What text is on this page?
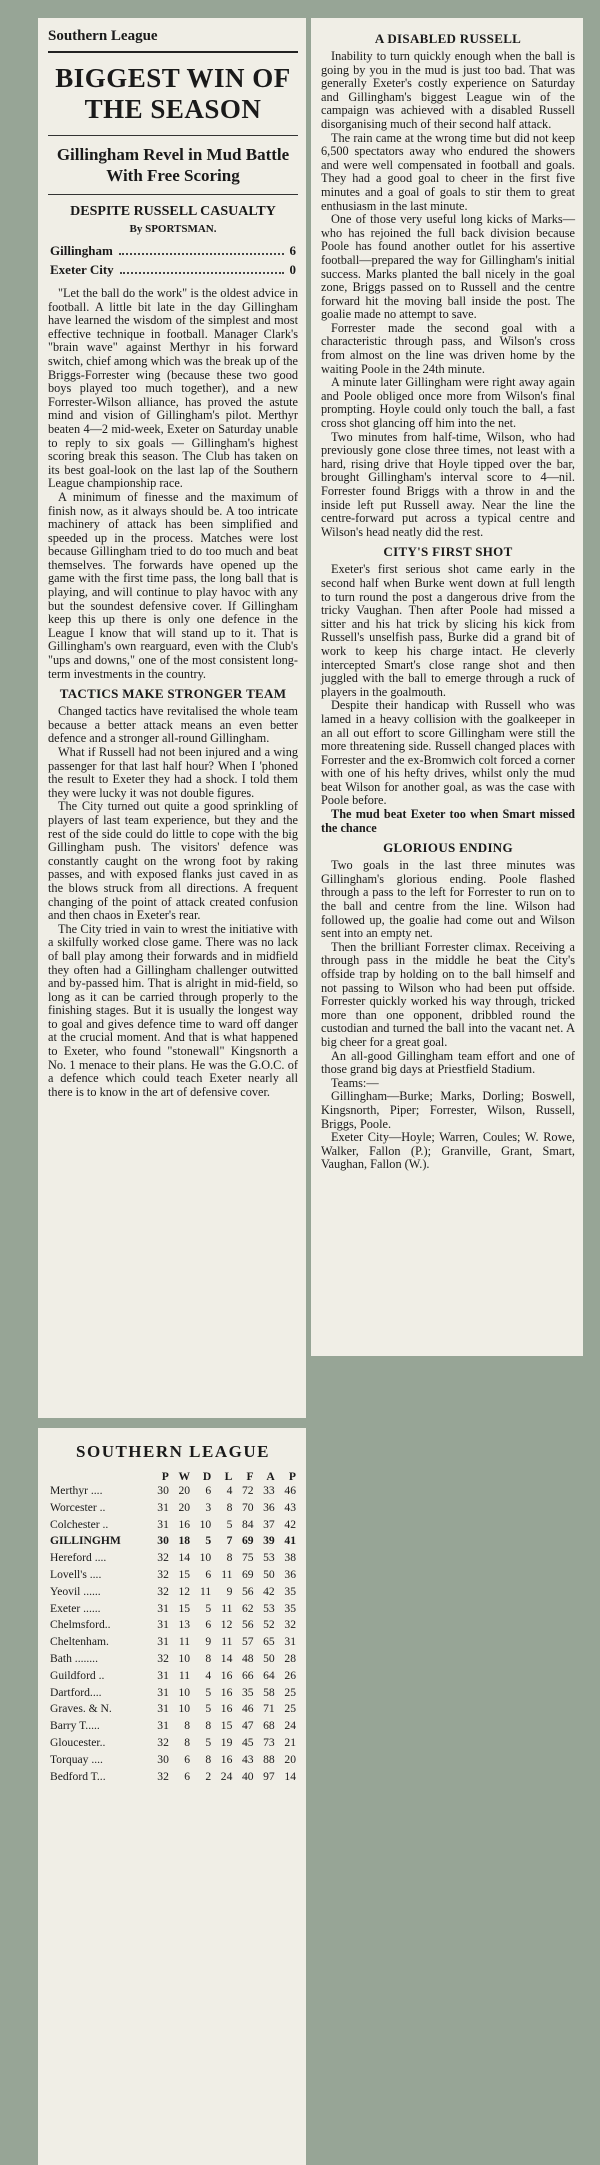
Southern League
BIGGEST WIN OF THE SEASON
Gillingham Revel in Mud Battle With Free Scoring
DESPITE RUSSELL CASUALTY
By SPORTSMAN.
Gillingham	6
Exeter City	0

"Let the ball do the work" is the oldest advice in football. A little bit late in the day Gillingham have learned the wisdom of the simplest and most effective technique in football. Manager Clark's "brain wave" against Merthyr in his forward switch, chief among which was the break up of the Briggs-Forrester wing (because these two good boys played too much together), and a new Forrester-Wilson alliance, has proved the astute mind and vision of Gillingham's pilot. Merthyr beaten 4—2 mid-week, Exeter on Saturday unable to reply to six goals — Gillingham's highest scoring break this season. The Club has taken on its best goal-look on the last lap of the Southern League championship race.

A minimum of finesse and the maximum of finish now, as it always should be. A too intricate machinery of attack has been simplified and speeded up in the process. Matches were lost because Gillingham tried to do too much and beat themselves. The forwards have opened up the game with the first time pass, the long ball that is playing, and will continue to play havoc with any but the soundest defensive cover. If Gillingham keep this up there is only one defence in the League I know that will stand up to it. That is Gillingham's own rearguard, even with the Club's "ups and downs," one of the most consistent long-term investments in the country.

TACTICS MAKE STRONGER TEAM

Changed tactics have revitalised the whole team because a better attack means an even better defence and a stronger all-round Gillingham.

What if Russell had not been injured and a wing passenger for that last half hour? When I 'phoned the result to Exeter they had a shock. I told them they were lucky it was not double figures.

The City turned out quite a good sprinkling of players of last team experience, but they and the rest of the side could do little to cope with the big Gillingham push. The visitors' defence was constantly caught on the wrong foot by raking passes, and with exposed flanks just caved in as the blows struck from all directions. A frequent changing of the point of attack created confusion and then chaos in Exeter's rear.

The City tried in vain to wrest the initiative with a skilfully worked close game. There was no lack of ball play among their forwards and in midfield they often had a Gillingham challenger outwitted and by-passed him. That is alright in mid-field, so long as it can be carried through properly to the finishing stages. But it is usually the longest way to goal and gives defence time to ward off danger at the crucial moment. And that is what happened to Exeter, who found "stonewall" Kingsnorth a No. 1 menace to their plans. He was the G.O.C. of a defence which could teach Exeter nearly all there is to know in the art of defensive cover.

A DISABLED RUSSELL

Inability to turn quickly enough when the ball is going by you in the mud is just too bad. That was generally Exeter's costly experience on Saturday and Gillingham's biggest League win of the campaign was achieved with a disabled Russell disorganising much of their second half attack.

The rain came at the wrong time but did not keep 6,500 spectators away who endured the showers and were well compensated in football and goals. They had a good goal to cheer in the first five minutes and a goal of goals to stir them to great enthusiasm in the last minute.

One of those very useful long kicks of Marks—who has rejoined the full back division because Poole has found another outlet for his assertive football—prepared the way for Gillingham's initial success. Marks planted the ball nicely in the goal zone, Briggs passed on to Russell and the centre forward hit the moving ball inside the post. The goalie made no attempt to save.

Forrester made the second goal with a characteristic through pass, and Wilson's cross from almost on the line was driven home by the waiting Poole in the 24th minute.

A minute later Gillingham were right away again and Poole obliged once more from Wilson's final prompting. Hoyle could only touch the ball, a fast cross shot glancing off him into the net.

Two minutes from half-time, Wilson, who had previously gone close three times, not least with a hard, rising drive that Hoyle tipped over the bar, brought Gillingham's interval score to 4—nil. Forrester found Briggs with a throw in and the inside left put Russell away. Near the line the centre-forward put across a typical centre and Wilson's head neatly did the rest.

CITY'S FIRST SHOT

Exeter's first serious shot came early in the second half when Burke went down at full length to turn round the post a dangerous drive from the tricky Vaughan. Then after Poole had missed a sitter and his hat trick by slicing his kick from Russell's unselfish pass, Burke did a grand bit of work to keep his charge intact. He cleverly intercepted Smart's close range shot and then juggled with the ball to emerge through a ruck of players in the goalmouth.

Despite their handicap with Russell who was lamed in a heavy collision with the goalkeeper in an all out effort to score Gillingham were still the more threatening side. Russell changed places with Forrester and the ex-Bromwich colt forced a corner with one of his hefty drives, whilst only the mud beat Wilson for another goal, as was the case with Poole before.

The mud beat Exeter too when Smart missed the chance

GLORIOUS ENDING

Two goals in the last three minutes was Gillingham's glorious ending. Poole flashed through a pass to the left for Forrester to run on to the ball and centre from the line. Wilson had followed up, the goalie had come out and Wilson sent into an empty net.

Then the brilliant Forrester climax. Receiving a through pass in the middle he beat the City's offside trap by holding on to the ball himself and not passing to Wilson who had been put offside. Forrester quickly worked his way through, tricked more than one opponent, dribbled round the custodian and turned the ball into the vacant net. A big cheer for a great goal.

An all-good Gillingham team effort and one of those grand big days at Priestfield Stadium.

Teams:—

Gillingham—Burke; Marks, Dorling; Boswell, Kingsnorth, Piper; Forrester, Wilson, Russell, Briggs, Poole.

Exeter City—Hoyle; Warren, Coules; W. Rowe, Walker, Fallon (P.); Granville, Grant, Smart, Vaughan, Fallon (W.).

SOUTHERN LEAGUE
	P	W	D	L	F	A	P
Merthyr ....	30	20	6	4	72	33	46
Worcester ..	31	20	3	8	70	36	43
Colchester ..	31	16	10	5	84	37	42
GILLINGHM	30	18	5	7	69	39	41
Hereford ....	32	14	10	8	75	53	38
Lovell's ....	32	15	6	11	69	50	36
Yeovil ......	32	12	11	9	56	42	35
Exeter ......	31	15	5	11	62	53	35
Chelmsford..	31	13	6	12	56	52	32
Cheltenham.	31	11	9	11	57	65	31
Bath ........	32	10	8	14	48	50	28
Guildford ..	31	11	4	16	66	64	26
Dartford....	31	10	5	16	35	58	25
Graves. & N.	31	10	5	16	46	71	25
Barry T.....	31	8	8	15	47	68	24
Gloucester..	32	8	5	19	45	73	21
Torquay ....	30	6	8	16	43	88	20
Bedford T...	32	6	2	24	40	97	14
